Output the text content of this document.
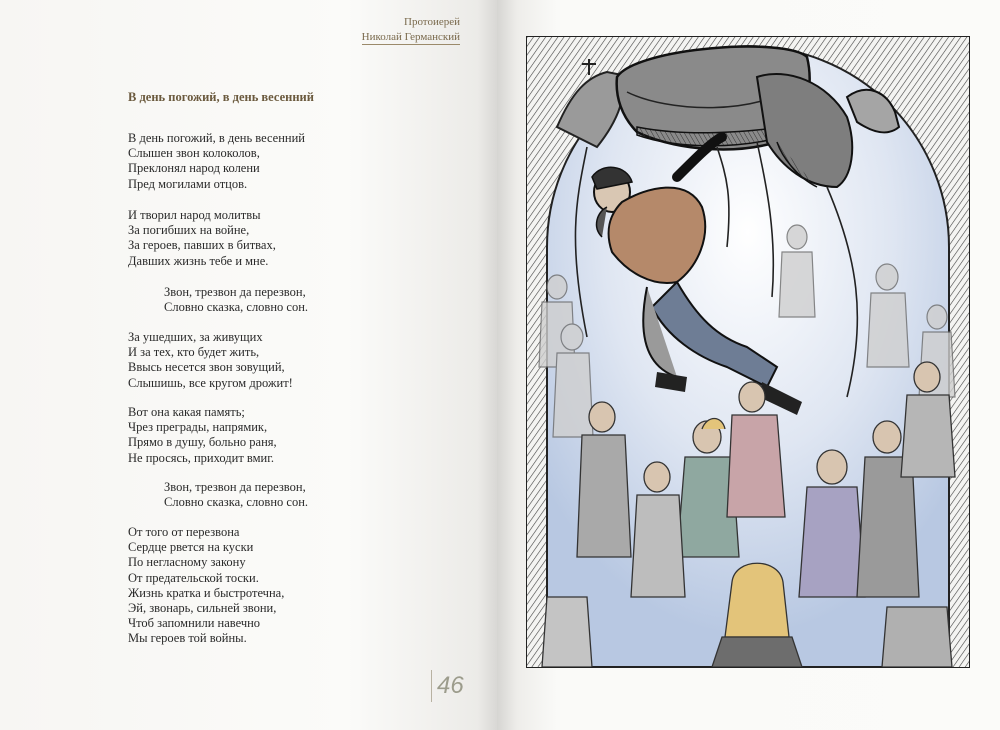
Протоиерей
Николай Германский
В день погожий, в день весенний
В день погожий, в день весенний
Слышен звон колоколов,
Преклонял народ колени
Пред могилами отцов.
И творил народ молитвы
За погибших на войне,
За героев, павших в битвах,
Давших жизнь тебе и мне.
Звон, трезвон да перезвон,
Словно сказка, словно сон.
За ушедших, за живущих
И за тех, кто будет жить,
Ввысь несется звон зовущий,
Слышишь, все кругом дрожит!
Вот она какая память;
Чрез преграды, напрямик,
Прямо в душу, больно раня,
Не просясь, приходит вмиг.
Звон, трезвон да перезвон,
Словно сказка, словно сон.
От того от перезвона
Сердце рвется на куски
По негласному закону
От предательской тоски.
Жизнь кратка и быстротечна,
Эй, звонарь, сильней звони,
Чтоб запомнили навечно
Мы героев той войны.
46
